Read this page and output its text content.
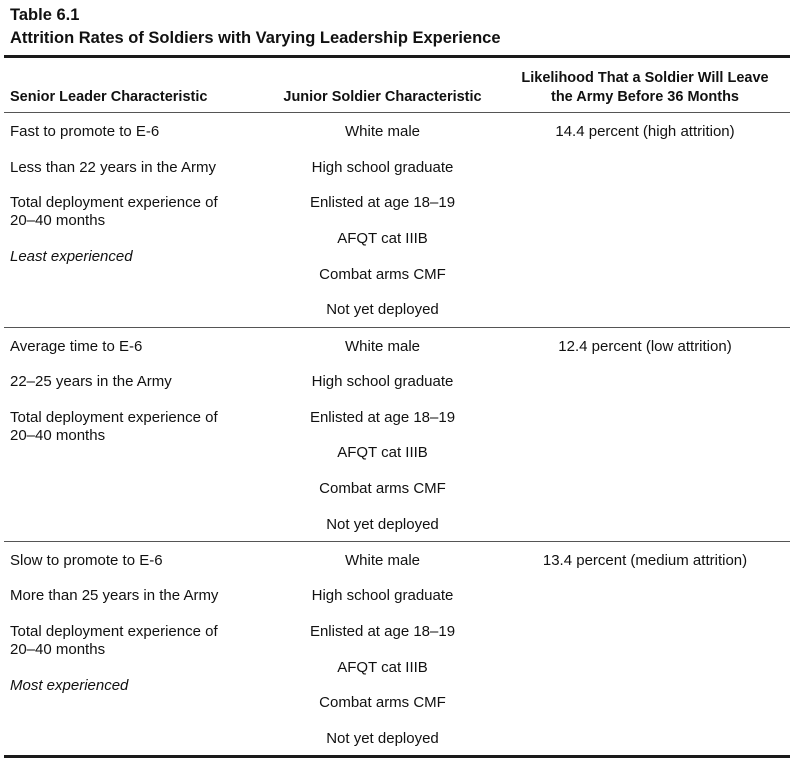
Table 6.1
Attrition Rates of Soldiers with Varying Leadership Experience
Senior Leader Characteristic	Junior Soldier Characteristic
Likelihood That a Soldier Will Leave
the Army Before 36 Months
Fast to promote to E-6
Less than 22 years in the Army
Total deployment experience of
20–40 months
Least experienced
White male
High school graduate
Enlisted at age 18–19
AFQT cat IIIB
Combat arms CMF
Not yet deployed
14.4 percent (high attrition)
Average time to E-6
22–25 years in the Army
Total deployment experience of
20–40 months
White male
High school graduate
Enlisted at age 18–19
AFQT cat IIIB
Combat arms CMF
Not yet deployed
12.4 percent (low attrition)
Slow to promote to E-6
More than 25 years in the Army
Total deployment experience of
20–40 months
Most experienced
White male
High school graduate
Enlisted at age 18–19
AFQT cat IIIB
Combat arms CMF
Not yet deployed
13.4 percent (medium attrition)
